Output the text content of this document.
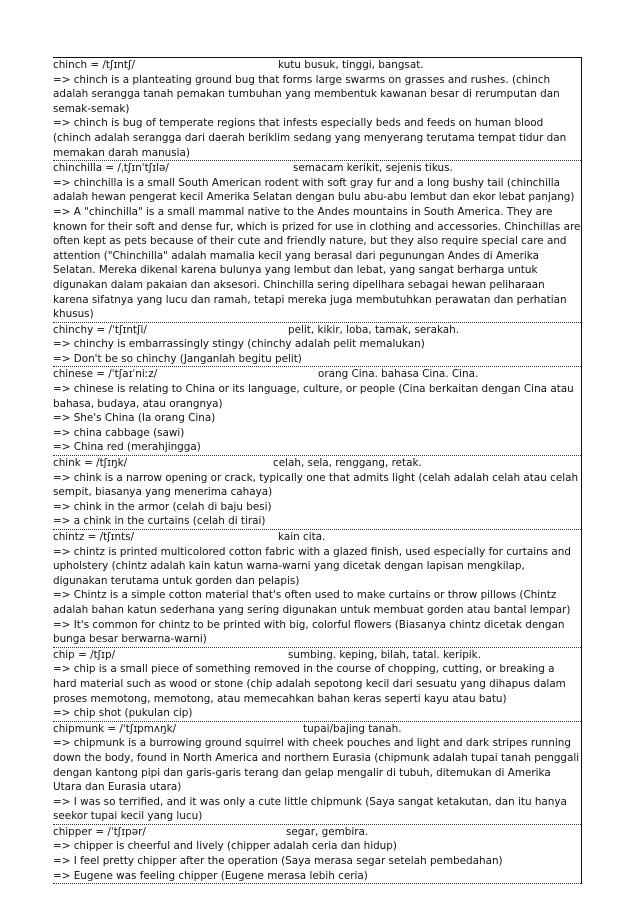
chinch = /tʃɪntʃ/	kutu busuk, tinggi, bangsat.
=> chinch is a planteating ground bug that forms large swarms on grasses and rushes. (chinch adalah serangga tanah pemakan tumbuhan yang membentuk kawanan besar di rerumputan dan semak-semak)
=> chinch is bug of temperate regions that infests especially beds and feeds on human blood (chinch adalah serangga dari daerah beriklim sedang yang menyerang terutama tempat tidur dan memakan darah manusia)
chinchilla = /ˌtʃɪnˈtʃɪlə/	semacam kerikit, sejenis tikus.
=> chinchilla is a small South American rodent with soft gray fur and a long bushy tail (chinchilla adalah hewan pengerat kecil Amerika Selatan dengan bulu abu-abu lembut dan ekor lebat panjang)
=> A "chinchilla" is a small mammal native to the Andes mountains in South America. They are known for their soft and dense fur, which is prized for use in clothing and accessories. Chinchillas are often kept as pets because of their cute and friendly nature, but they also require special care and attention ("Chinchilla" adalah mamalia kecil yang berasal dari pegunungan Andes di Amerika Selatan. Mereka dikenal karena bulunya yang lembut dan lebat, yang sangat berharga untuk digunakan dalam pakaian dan aksesori. Chinchilla sering dipelihara sebagai hewan peliharaan karena sifatnya yang lucu dan ramah, tetapi mereka juga membutuhkan perawatan dan perhatian khusus)
chinchy = /ˈtʃɪntʃi/	pelit, kikir, loba, tamak, serakah.
=> chinchy is embarrassingly stingy (chinchy adalah pelit memalukan)
=> Don't be so chinchy (Janganlah begitu pelit)
chinese = /ˈtʃaɪˈniːz/	orang Cina. bahasa Cina. Cina.
=> chinese is relating to China or its language, culture, or people (Cina berkaitan dengan Cina atau bahasa, budaya, atau orangnya)
=> She's China (Ia orang Cina)
=> china cabbage (sawi)
=> China red (merahjingga)
chink = /tʃɪŋk/	celah, sela, renggang, retak.
=> chink is a narrow opening or crack, typically one that admits light (celah adalah celah atau celah sempit, biasanya yang menerima cahaya)
=> chink in the armor (celah di baju besi)
=> a chink in the curtains (celah di tirai)
chintz = /tʃɪnts/	kain cita.
=> chintz is printed multicolored cotton fabric with a glazed finish, used especially for curtains and upholstery (chintz adalah kain katun warna-warni yang dicetak dengan lapisan mengkilap, digunakan terutama untuk gorden dan pelapis)
=> Chintz is a simple cotton material that's often used to make curtains or throw pillows (Chintz adalah bahan katun sederhana yang sering digunakan untuk membuat gorden atau bantal lempar)
=> It's common for chintz to be printed with big, colorful flowers (Biasanya chintz dicetak dengan bunga besar berwarna-warni)
chip = /tʃɪp/	sumbing. keping, bilah, tatal. keripik.
=> chip is a small piece of something removed in the course of chopping, cutting, or breaking a hard material such as wood or stone (chip adalah sepotong kecil dari sesuatu yang dihapus dalam proses memotong, memotong, atau memecahkan bahan keras seperti kayu atau batu)
=> chip shot (pukulan cip)
chipmunk = /ˈtʃɪpmʌŋk/	tupai/bajing tanah.
=> chipmunk is a burrowing ground squirrel with cheek pouches and light and dark stripes running down the body, found in North America and northern Eurasia (chipmunk adalah tupai tanah penggali dengan kantong pipi dan garis-garis terang dan gelap mengalir di tubuh, ditemukan di Amerika Utara dan Eurasia utara)
=> I was so terrified, and it was only a cute little chipmunk (Saya sangat ketakutan, dan itu hanya seekor tupai kecil yang lucu)
chipper = /ˈtʃɪpər/	segar, gembira.
=> chipper is cheerful and lively (chipper adalah ceria dan hidup)
=> I feel pretty chipper after the operation (Saya merasa segar setelah pembedahan)
=> Eugene was feeling chipper (Eugene merasa lebih ceria)
